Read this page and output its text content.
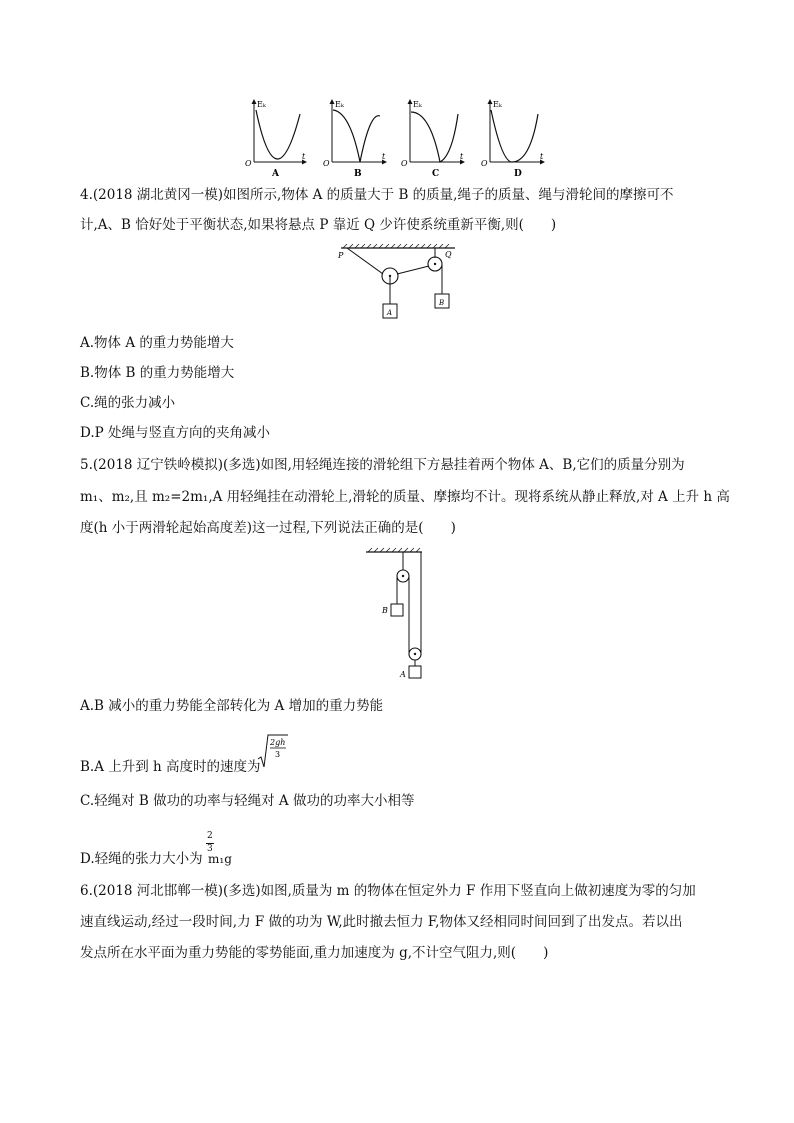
Eₖ
t
O
A
Eₖ
t
O
B
Eₖ
t
O
C
Eₖ
t
O
D
4.(2018 湖北黄冈一模)如图所示,物体 A 的质量大于 B 的质量,绳子的质量、绳与滑轮间的摩擦可不
计,A、B 恰好处于平衡状态,如果将悬点 P 靠近 Q 少许使系统重新平衡,则(　　)
P	Q
A
B
A.物体 A 的重力势能增大
B.物体 B 的重力势能增大
C.绳的张力减小
D.P 处绳与竖直方向的夹角减小
5.(2018 辽宁铁岭模拟)(多选)如图,用轻绳连接的滑轮组下方悬挂着两个物体 A、B,它们的质量分别为
m₁、m₂,且 m₂=2m₁,A 用轻绳挂在动滑轮上,滑轮的质量、摩擦均不计。现将系统从静止释放,对 A 上升 h 高
度(h 小于两滑轮起始高度差)这一过程,下列说法正确的是(　　)
B
A
A.B 减小的重力势能全部转化为 A 增加的重力势能
B.A 上升到 h 高度时的速度为
2gh
3
C.轻绳对 B 做功的功率与轻绳对 A 做功的功率大小相等
D.轻绳的张力大小为
2
3
m₁g
6.(2018 河北邯郸一模)(多选)如图,质量为 m 的物体在恒定外力 F 作用下竖直向上做初速度为零的匀加
速直线运动,经过一段时间,力 F 做的功为 W,此时撤去恒力 F,物体又经相同时间回到了出发点。若以出
发点所在水平面为重力势能的零势能面,重力加速度为 g,不计空气阻力,则(　　)
